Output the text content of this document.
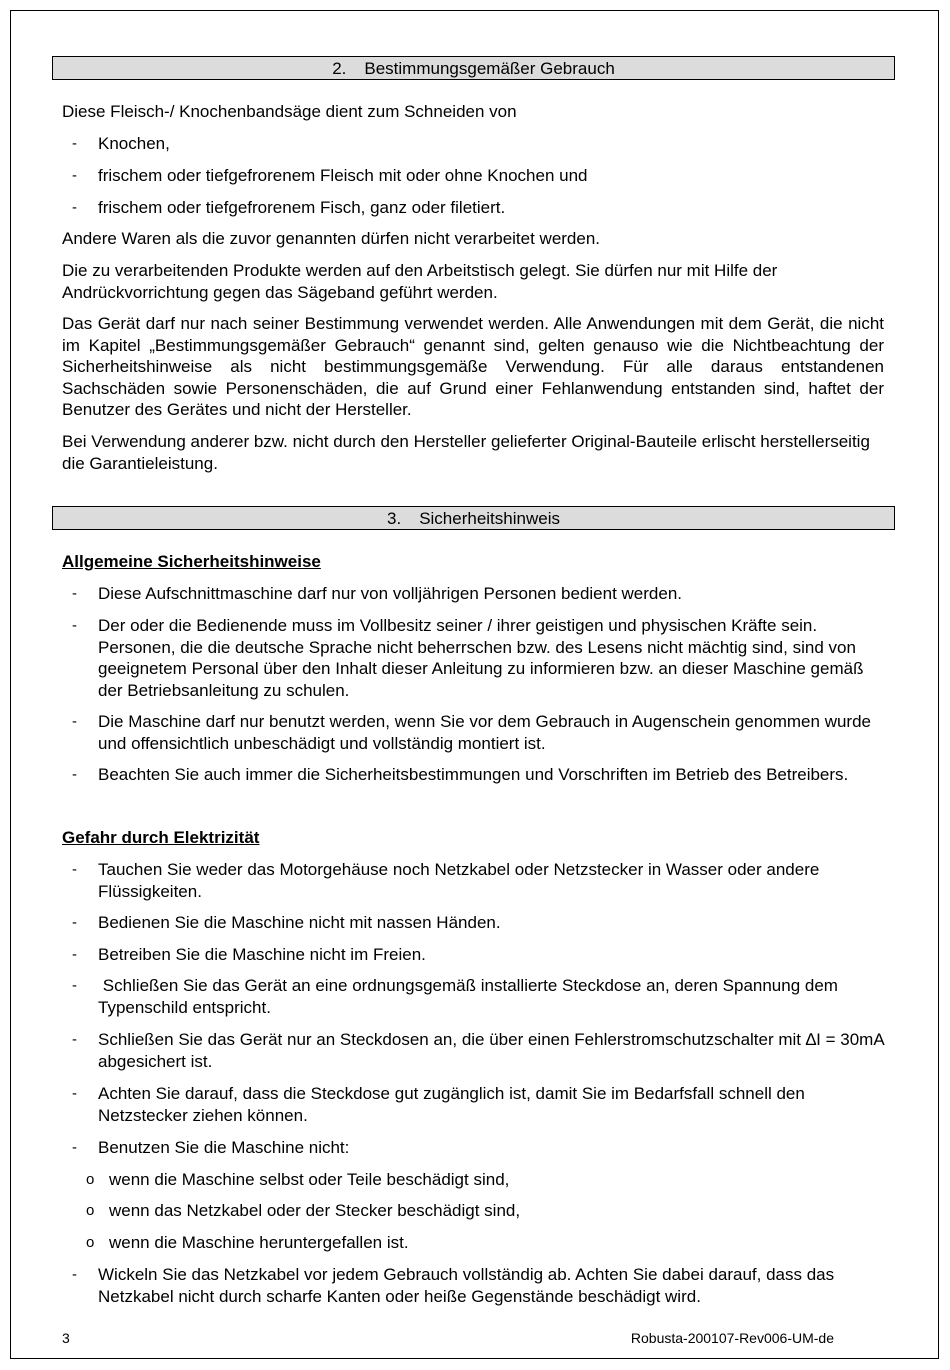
2. Bestimmungsgemäßer Gebrauch
Diese Fleisch-/ Knochenbandsäge dient zum Schneiden von
- Knochen,
- frischem oder tiefgefrorenem Fleisch mit oder ohne Knochen und
- frischem oder tiefgefrorenem Fisch, ganz oder filetiert.
Andere Waren als die zuvor genannten dürfen nicht verarbeitet werden.
Die zu verarbeitenden Produkte werden auf den Arbeitstisch gelegt. Sie dürfen nur mit Hilfe der Andrückvorrichtung gegen das Sägeband geführt werden.
Das Gerät darf nur nach seiner Bestimmung verwendet werden. Alle Anwendungen mit dem Gerät, die nicht im Kapitel „Bestimmungsgemäßer Gebrauch“ genannt sind, gelten genauso wie die Nichtbeachtung der Sicherheitshinweise als nicht bestimmungsgemäße Verwendung. Für alle daraus entstandenen Sachschäden sowie Personenschäden, die auf Grund einer Fehlanwendung entstanden sind, haftet der Benutzer des Gerätes und nicht der Hersteller.
Bei Verwendung anderer bzw. nicht durch den Hersteller gelieferter Original-Bauteile erlischt herstellerseitig die Garantieleistung.
3. Sicherheitshinweis
Allgemeine Sicherheitshinweise
- Diese Aufschnittmaschine darf nur von volljährigen Personen bedient werden.
- Der oder die Bedienende muss im Vollbesitz seiner / ihrer geistigen und physischen Kräfte sein. Personen, die die deutsche Sprache nicht beherrschen bzw. des Lesens nicht mächtig sind, sind von geeignetem Personal über den Inhalt dieser Anleitung zu informieren bzw. an dieser Maschine gemäß der Betriebsanleitung zu schulen.
- Die Maschine darf nur benutzt werden, wenn Sie vor dem Gebrauch in Augenschein genommen wurde und offensichtlich unbeschädigt und vollständig montiert ist.
- Beachten Sie auch immer die Sicherheitsbestimmungen und Vorschriften im Betrieb des Betreibers.
Gefahr durch Elektrizität
- Tauchen Sie weder das Motorgehäuse noch Netzkabel oder Netzstecker in Wasser oder andere Flüssigkeiten.
- Bedienen Sie die Maschine nicht mit nassen Händen.
- Betreiben Sie die Maschine nicht im Freien.
- Schließen Sie das Gerät an eine ordnungsgemäß installierte Steckdose an, deren Spannung dem Typenschild entspricht.
- Schließen Sie das Gerät nur an Steckdosen an, die über einen Fehlerstromschutzschalter mit ∆I = 30mA abgesichert ist.
- Achten Sie darauf, dass die Steckdose gut zugänglich ist, damit Sie im Bedarfsfall schnell den Netzstecker ziehen können.
- Benutzen Sie die Maschine nicht:
o wenn die Maschine selbst oder Teile beschädigt sind,
o wenn das Netzkabel oder der Stecker beschädigt sind,
o wenn die Maschine heruntergefallen ist.
- Wickeln Sie das Netzkabel vor jedem Gebrauch vollständig ab. Achten Sie dabei darauf, dass das Netzkabel nicht durch scharfe Kanten oder heiße Gegenstände beschädigt wird.
3	Robusta-200107-Rev006-UM-de
